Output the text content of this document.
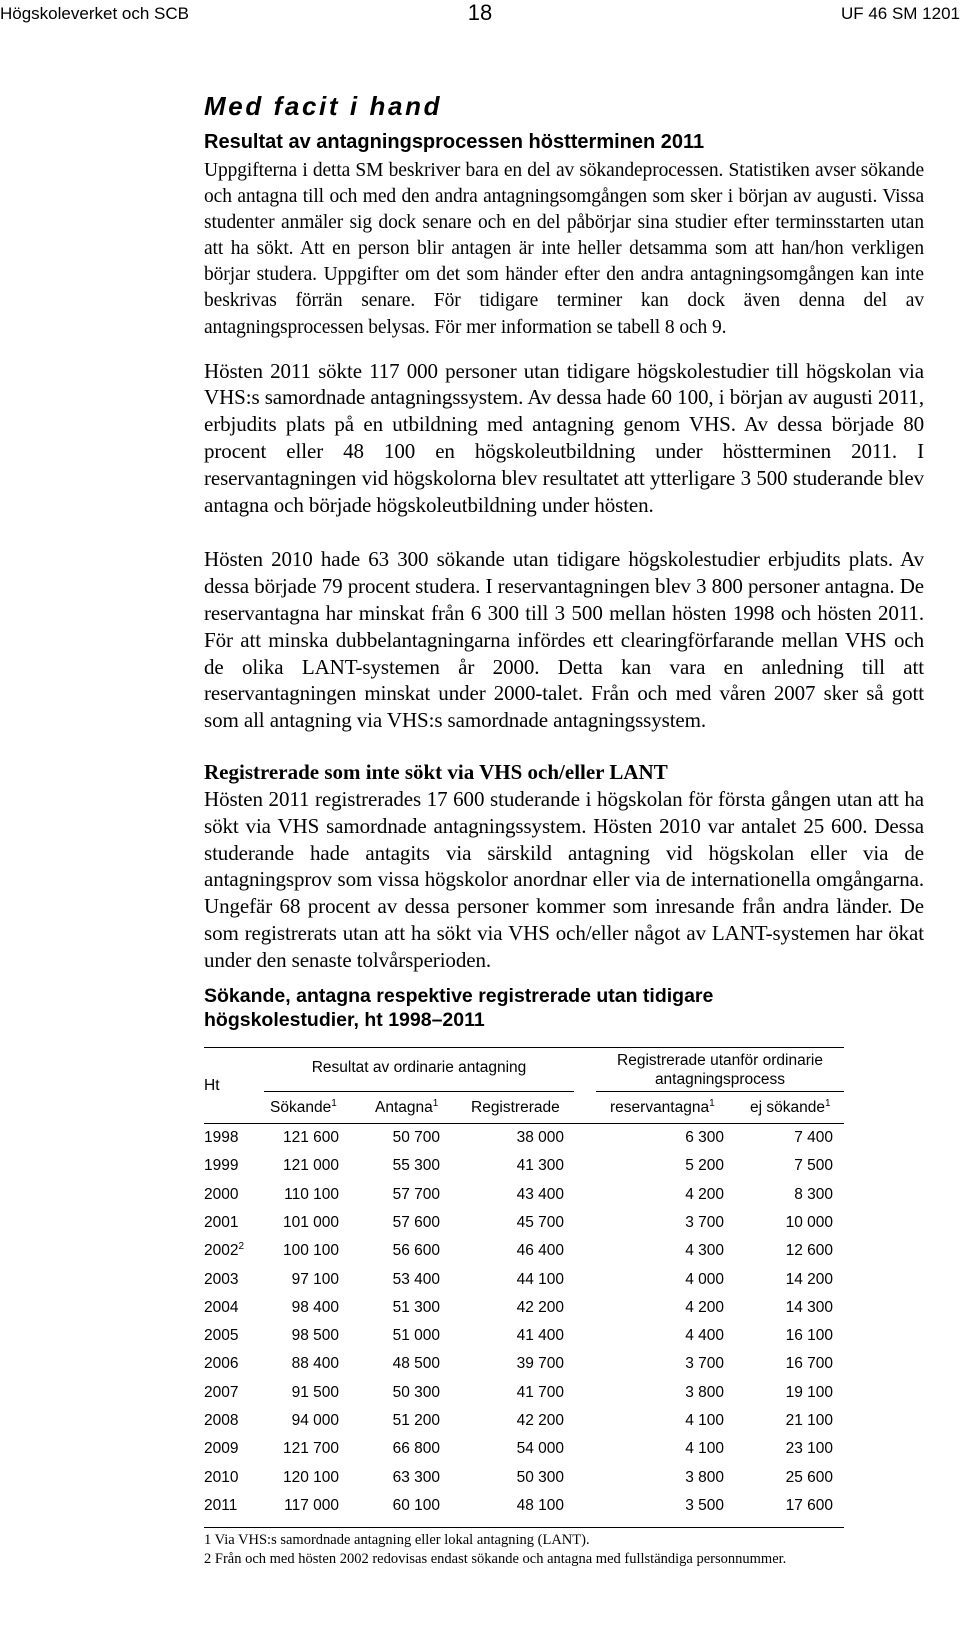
Högskoleverket och SCB	18	UF 46 SM 1201
Med facit i hand
Resultat av antagningsprocessen höstterminen 2011

Uppgifterna i detta SM beskriver bara en del av sökandeprocessen. Statistiken avser sökande och antagna till och med den andra antagningsomgången som sker i början av augusti. Vissa studenter anmäler sig dock senare och en del påbörjar sina studier efter terminsstarten utan att ha sökt. Att en person blir antagen är inte heller detsamma som att han/hon verkligen börjar studera. Uppgifter om det som händer efter den andra antagningsomgången kan inte beskrivas förrän senare. För tidigare terminer kan dock även denna del av antagningsprocessen belysas. För mer information se tabell 8 och 9.

Hösten 2011 sökte 117 000 personer utan tidigare högskolestudier till högskolan via VHS:s samordnade antagningssystem. Av dessa hade 60 100, i början av augusti 2011, erbjudits plats på en utbildning med antagning genom VHS. Av dessa började 80 procent eller 48 100 en högskoleutbildning under höstterminen 2011. I reservantagningen vid högskolorna blev resultatet att ytterligare 3 500 studerande blev antagna och började högskoleutbildning under hösten.

Hösten 2010 hade 63 300 sökande utan tidigare högskolestudier erbjudits plats. Av dessa började 79 procent studera. I reservantagningen blev 3 800 personer antagna. De reservantagna har minskat från 6 300 till 3 500 mellan hösten 1998 och hösten 2011. För att minska dubbelantagningarna infördes ett clearingförfarande mellan VHS och de olika LANT-systemen år 2000. Detta kan vara en anledning till att reservantagningen minskat under 2000-talet. Från och med våren 2007 sker så gott som all antagning via VHS:s samordnade antagningssystem.

Registrerade som inte sökt via VHS och/eller LANT

Hösten 2011 registrerades 17 600 studerande i högskolan för första gången utan att ha sökt via VHS samordnade antagningssystem. Hösten 2010 var antalet 25 600. Dessa studerande hade antagits via särskild antagning vid högskolan eller via de antagningsprov som vissa högskolor anordnar eller via de internationella omgångarna. Ungefär 68 procent av dessa personer kommer som inresande från andra länder. De som registrerats utan att ha sökt via VHS och/eller något av LANT-systemen har ökat under den senaste tolvårsperioden.

Sökande, antagna respektive registrerade utan tidigare

högskolestudier, ht 1998–2011

Ht
Resultat av ordinarie antagning	Registrerade utanför ordinarie
antagningsprocess
Sökande$^1$ Antagna$^1$ Registrerade	reservantagna$^1$ ej sökande$^1$
1998	121 600	50 700	38 000	6 300	7 400
1999	121 000	55 300	41 300	5 200	7 500
2000	110 100	57 700	43 400	4 200	8 300
2001	101 000	57 600	45 700	3 700	10 000
2002$^2$	100 100	56 600	46 400	4 300	12 600
2003	97 100	53 400	44 100	4 000	14 200
2004	98 400	51 300	42 200	4 200	14 300
2005	98 500	51 000	41 400	4 400	16 100
2006	88 400	48 500	39 700	3 700	16 700
2007	91 500	50 300	41 700	3 800	19 100
2008	94 000	51 200	42 200	4 100	21 100
2009	121 700	66 800	54 000	4 100	23 100
2010	120 100	63 300	50 300	3 800	25 600
2011	117 000	60 100	48 100	3 500	17 600
1 Via VHS:s samordnade antagning eller lokal antagning (LANT).
2 Från och med hösten 2002 redovisas endast sökande och antagna med fullständiga personnummer.
